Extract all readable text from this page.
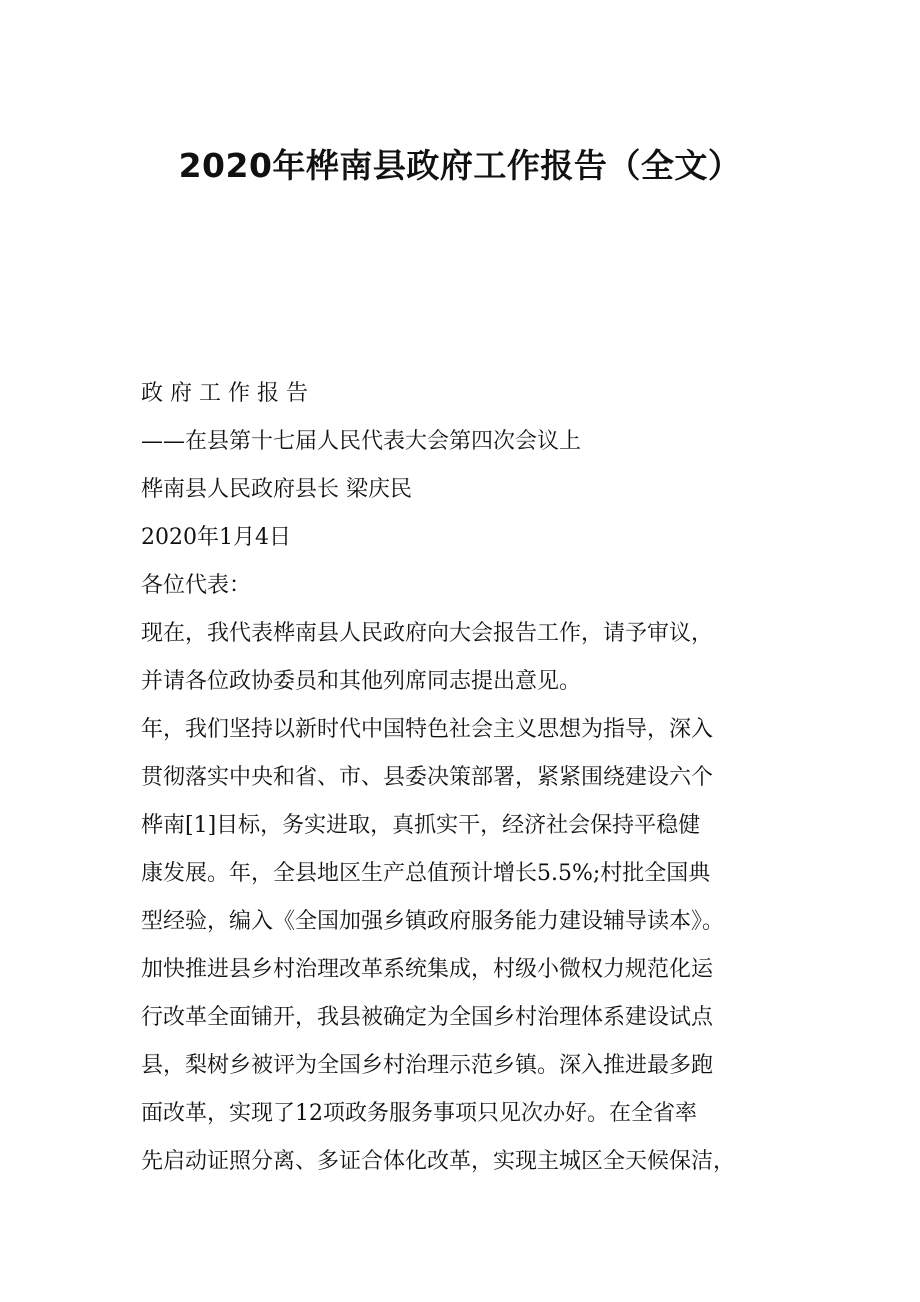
2020年桦南县政府工作报告（全文）
政 府 工 作 报 告
——在县第十七届人民代表大会第四次会议上
桦南县人民政府县长 梁庆民
2020年1月4日
各位代表：
现在，我代表桦南县人民政府向大会报告工作，请予审议，
并请各位政协委员和其他列席同志提出意见。
年，我们坚持以新时代中国特色社会主义思想为指导，深入
贯彻落实中央和省、市、县委决策部署，紧紧围绕建设六个
桦南[1]目标，务实进取，真抓实干，经济社会保持平稳健
康发展。年，全县地区生产总值预计增长5.5%;村批全国典
型经验，编入《全国加强乡镇政府服务能力建设辅导读本》。
加快推进县乡村治理改革系统集成，村级小微权力规范化运
行改革全面铺开，我县被确定为全国乡村治理体系建设试点
县，梨树乡被评为全国乡村治理示范乡镇。深入推进最多跑
面改革，实现了12项政务服务事项只见次办好。在全省率
先启动证照分离、多证合体化改革，实现主城区全天候保洁，
